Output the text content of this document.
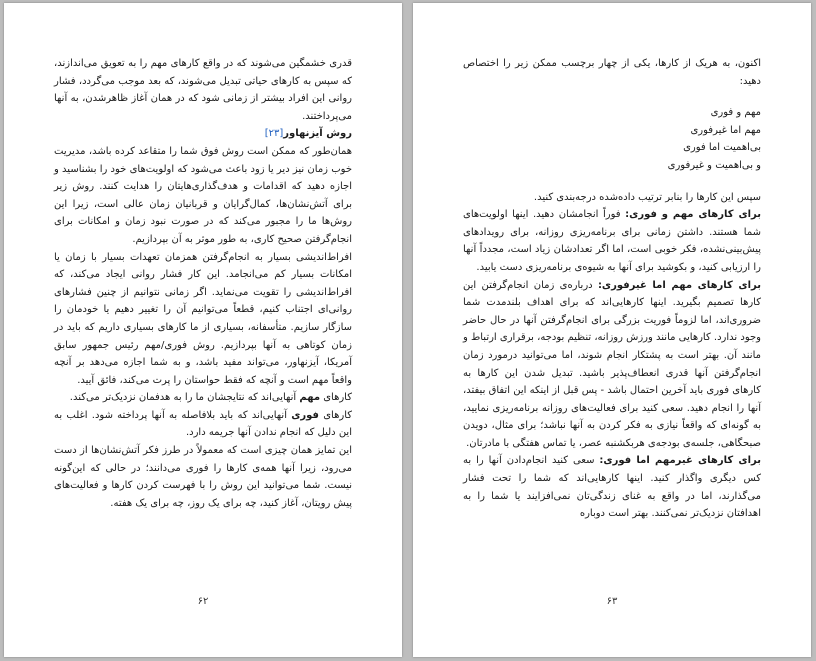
قدری خشمگین می‌شوند که در واقع کارهای مهم را به تعویق می‌اندازند، که سپس به کارهای حیاتی تبدیل می‌شوند، که بعد موجب می‌گردد، فشار روانی این افراد بیشتر از زمانی شود که در همان آغاز ظاهرشدن، به آنها می‌پرداختند.

روش آیزنهاور[۲۳]

همان‌طور که ممکن است روش فوق شما را متقاعد کرده باشد، مدیریت خوب زمان نیز دیر یا زود باعث می‌شود که اولویت‌های خود را بشناسید و اجازه دهید که اقدامات و هدف‌گذاری‌هایتان را هدایت کنند. روش زیر برای آتش‌نشان‌ها، کمال‌گرایان و قربانیان زمان عالی است، زیرا این روش‌ها ما را مجبور می‌کند که در صورت نبود زمان و امکانات برای انجام‌گرفتن صحیح کاری، به طور موثر به آن بپردازیم.

افراط‌اندیشی بسیار به انجام‌گرفتن همزمان تعهدات بسیار با زمان یا امکانات بسیار کم می‌انجامد. این کار فشار روانی ایجاد می‌کند، که افراط‌اندیشی را تقویت می‌نماید. اگر زمانی نتوانیم از چنین فشارهای روانی‌ای اجتناب کنیم، قطعاً می‌توانیم آن را تغییر دهیم یا خودمان را سازگار سازیم. متأسفانه، بسیاری از ما کارهای بسیاری داریم که باید در زمان کوتاهی به آنها بپردازیم. روش فوری/مهم رئیس جمهور سابق آمریکا، آیزنهاور، می‌تواند مفید باشد، و به شما اجازه می‌دهد بر آنچه واقعاً مهم است و آنچه که فقط حواستان را پرت می‌کند، فائق آیید.

کارهای مهم آنهایی‌اند که نتایجشان ما را به هدفمان نزدیک‌تر می‌کند.

کارهای فوری آنهایی‌اند که باید بلافاصله به آنها پرداخته شود. اغلب به این دلیل که انجام ندادن آنها جریمه دارد.

این تمایز همان چیزی است که معمولاً در طرز فکر آتش‌نشان‌ها از دست می‌رود، زیرا آنها همه‌ی کارها را فوری می‌دانند؛ در حالی که این‌گونه نیست. شما می‌توانید این روش را با فهرست کردن کارها و فعالیت‌های پیش رویتان، آغاز کنید، چه برای یک روز، چه برای یک هفته.

۶۲

اکنون، به هریک از کارها، یکی از چهار برچسب ممکن زیر را اختصاص دهید:

مهم و فوری

مهم اما غیرفوری

بی‌اهمیت اما فوری

و بی‌اهمیت و غیرفوری

سپس این کارها را بنابر ترتیب داده‌شده درجه‌بندی کنید.

برای کارهای مهم و فوری: فوراً انجامشان دهید. اینها اولویت‌های شما هستند. داشتن زمانی برای برنامه‌ریزی روزانه، برای رویدادهای پیش‌بینی‌نشده، فکر خوبی است، اما اگر تعدادشان زیاد است، مجدداً آنها را ارزیابی کنید، و بکوشید برای آنها به شیوه‌ی برنامه‌ریزی دست یابید.

برای کارهای مهم اما غیرفوری: درباره‌ی زمان انجام‌گرفتن این کارها تصمیم بگیرید. اینها کارهایی‌اند که برای اهداف بلندمدت شما ضروری‌اند، اما لزوماً فوریت بزرگی برای انجام‌گرفتن آنها در حال حاضر وجود ندارد. کارهایی مانند ورزش روزانه، تنظیم بودجه، برقراری ارتباط و مانند آن. بهتر است به پشتکار انجام شوند، اما می‌توانید درمورد زمان انجام‌گرفتن آنها قدری انعطاف‌پذیر باشید. تبدیل شدن این کارها به کارهای فوری باید آخرین احتمال باشد - پس قبل از اینکه این اتفاق بیفتد، آنها را انجام دهید. سعی کنید برای فعالیت‌های روزانه برنامه‌ریزی نمایید، به گونه‌ای که واقعاً نیازی به فکر کردن به آنها نباشد؛ برای مثال، دویدن صبحگاهی، جلسه‌ی بودجه‌ی هربکشنبه عصر، یا تماس هفتگی با مادرتان.

برای کارهای غیرمهم اما فوری: سعی کنید انجام‌دادن آنها را به کس دیگری واگذار کنید. اینها کارهایی‌اند که شما را تحت فشار می‌گذارند، اما در واقع به غنای زندگی‌تان نمی‌افزایند یا شما را به اهدافتان نزدیک‌تر نمی‌کنند. بهتر است دوباره

۶۳
